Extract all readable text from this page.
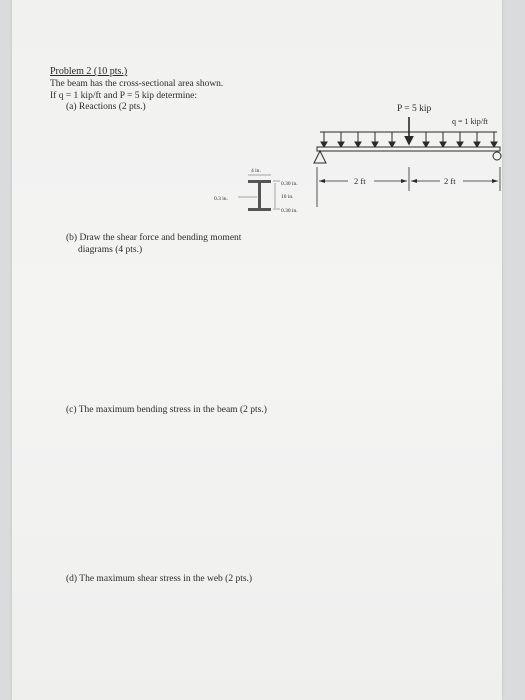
Problem 2 (10 pts.)
The beam has the cross-sectional area shown.
If q = 1 kip/ft and P = 5 kip determine:
(a) Reactions (2 pts.)
(b) Draw the shear force and bending moment
diagrams (4 pts.)
(c) The maximum bending stress in the beam (2 pts.)
(d) The maximum shear stress in the web (2 pts.)
P = 5 kip
q = 1 kip/ft
2 ft	2 ft
4 in.
0.30 in.
10 in.
0.30 in.
0.3 in.
